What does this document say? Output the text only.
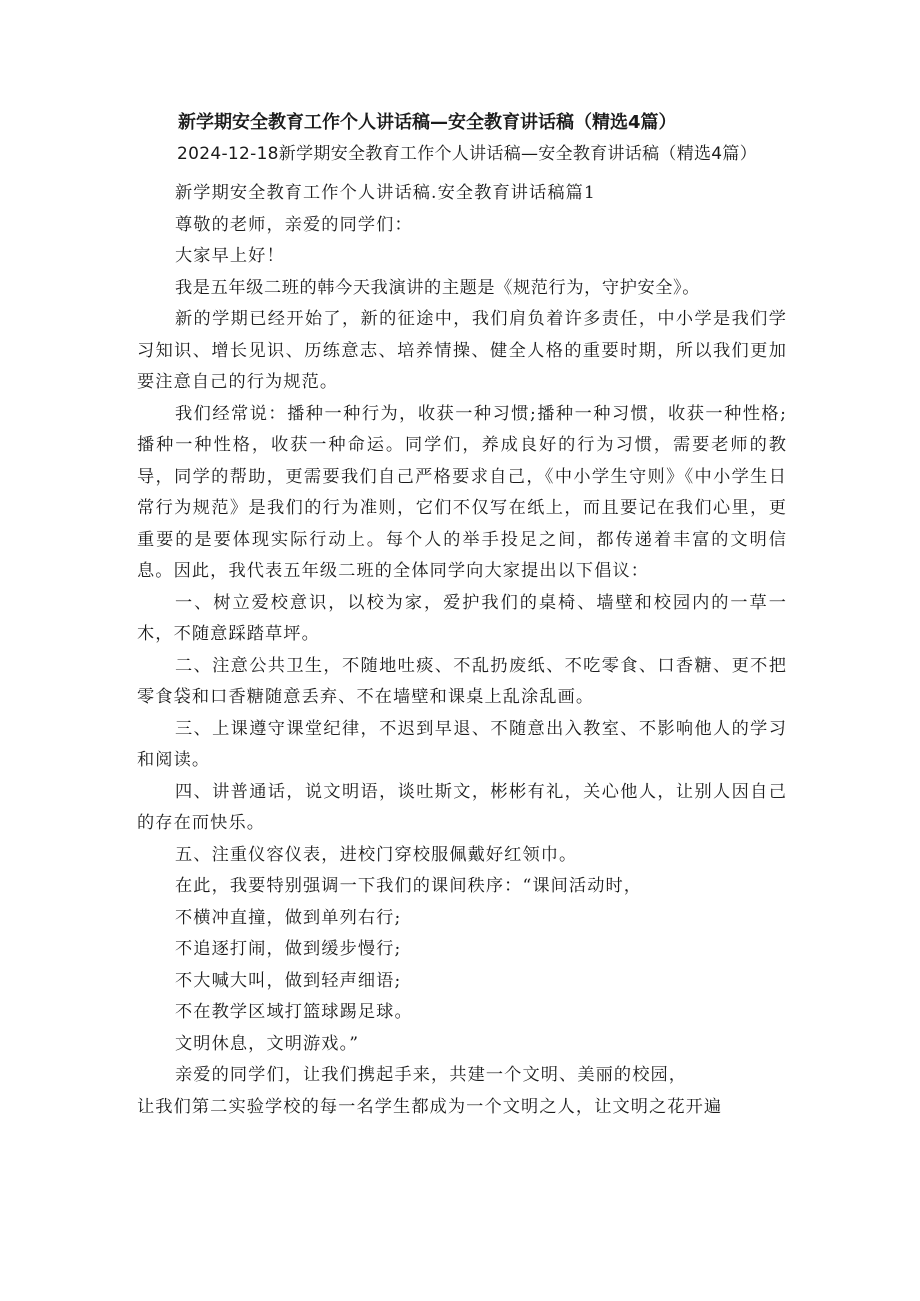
新学期安全教育工作个人讲话稿—安全教育讲话稿（精选4篇）
2024-12-18新学期安全教育工作个人讲话稿—安全教育讲话稿（精选4篇）

新学期安全教育工作个人讲话稿.安全教育讲话稿篇1

尊敬的老师，亲爱的同学们：

大家早上好！

我是五年级二班的韩今天我演讲的主题是《规范行为，守护安全》。

新的学期已经开始了，新的征途中，我们肩负着许多责任，中小学是我们学习知识、增长见识、历练意志、培养情操、健全人格的重要时期，所以我们更加要注意自己的行为规范。

我们经常说：播种一种行为，收获一种习惯;播种一种习惯，收获一种性格;播种一种性格，收获一种命运。同学们，养成良好的行为习惯，需要老师的教导，同学的帮助，更需要我们自己严格要求自己，《中小学生守则》《中小学生日常行为规范》是我们的行为准则，它们不仅写在纸上，而且要记在我们心里，更重要的是要体现实际行动上。每个人的举手投足之间，都传递着丰富的文明信息。因此，我代表五年级二班的全体同学向大家提出以下倡议：

一、树立爱校意识，以校为家，爱护我们的桌椅、墙壁和校园内的一草一木，不随意踩踏草坪。

二、注意公共卫生，不随地吐痰、不乱扔废纸、不吃零食、口香糖、更不把零食袋和口香糖随意丢弃、不在墙壁和课桌上乱涂乱画。

三、上课遵守课堂纪律，不迟到早退、不随意出入教室、不影响他人的学习和阅读。

四、讲普通话，说文明语，谈吐斯文，彬彬有礼，关心他人，让别人因自己的存在而快乐。

五、注重仪容仪表，进校门穿校服佩戴好红领巾。

在此，我要特别强调一下我们的课间秩序：“课间活动时，

不横冲直撞，做到单列右行;

不追逐打闹，做到缓步慢行;

不大喊大叫，做到轻声细语;

不在教学区域打篮球踢足球。

文明休息，文明游戏。”

亲爱的同学们，让我们携起手来，共建一个文明、美丽的校园，

让我们第二实验学校的每一名学生都成为一个文明之人，让文明之花开遍
